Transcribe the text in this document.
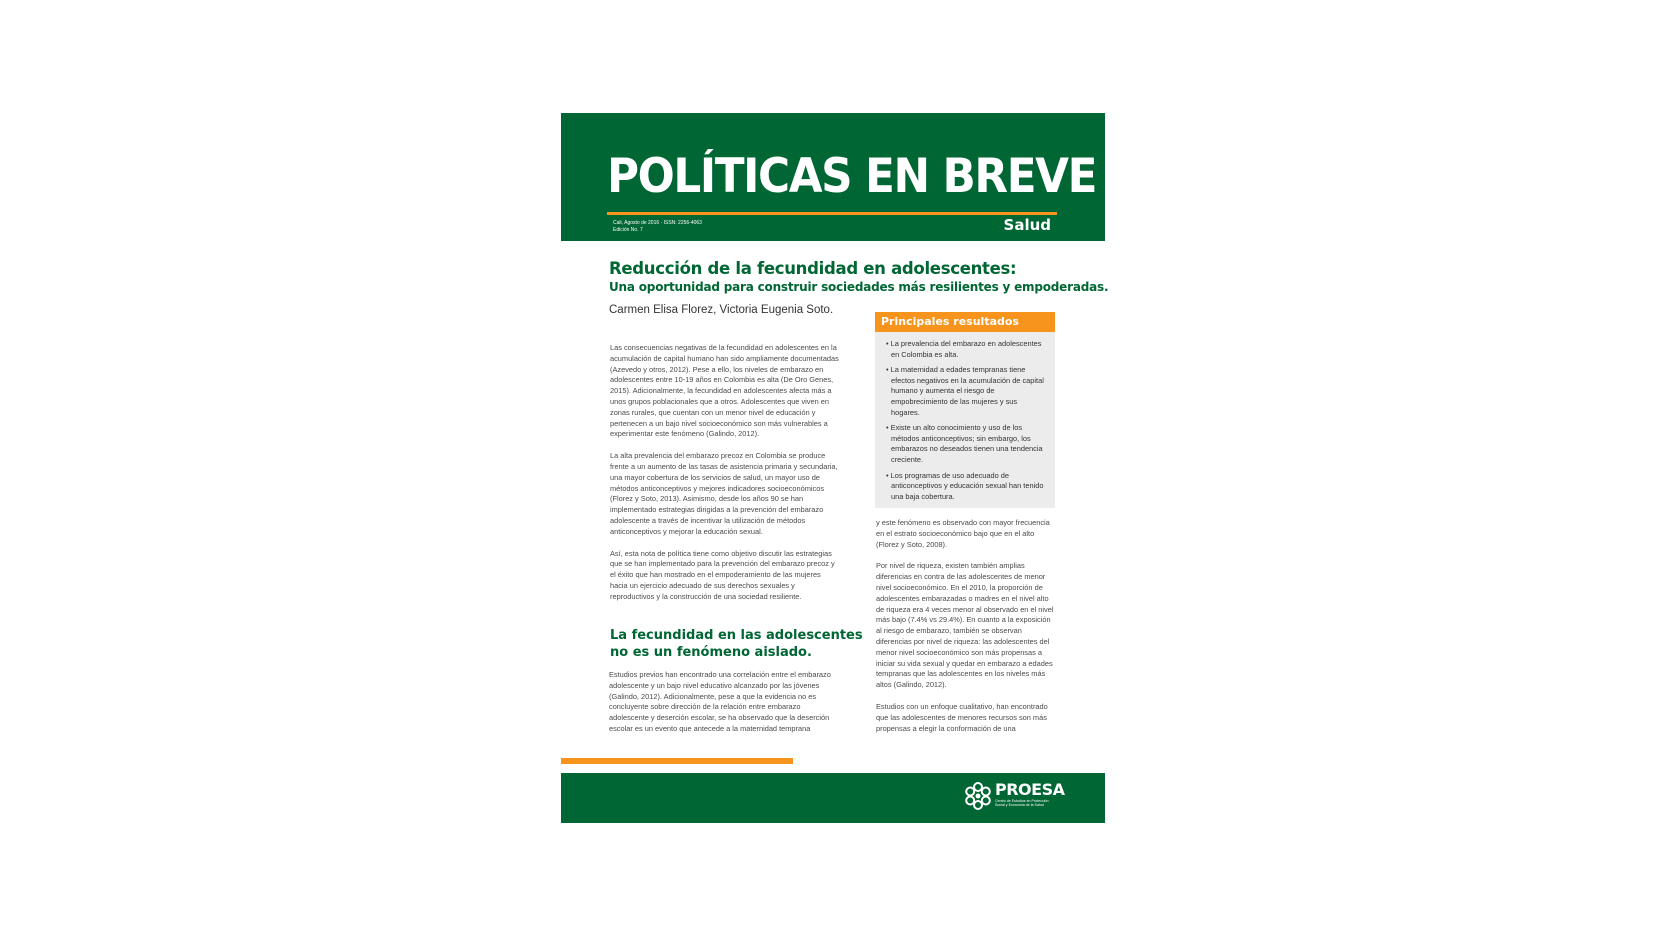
POLÍTICAS EN BREVE
Cali, Agosto de 2016 · ISSN: 2256-4063
Edición No. 7	Salud
Reducción de la fecundidad en adolescentes:
Una oportunidad para construir sociedades más resilientes y empoderadas.
Carmen Elisa Florez, Victoria Eugenia Soto.

Las consecuencias negativas de la fecundidad en adolescentes en la acumulación de capital humano han sido ampliamente documentadas (Azevedo y otros, 2012). Pese a ello, los niveles de embarazo en adolescentes entre 10-19 años en Colombia es alta (De Oro Genes, 2015). Adicionalmente, la fecundidad en adolescentes afecta más a unos grupos poblacionales que a otros. Adolescentes que viven en zonas rurales, que cuentan con un menor nivel de educación y pertenecen a un bajo nivel socioeconómico son más vulnerables a experimentar este fenómeno (Galindo, 2012).

La alta prevalencia del embarazo precoz en Colombia se produce frente a un aumento de las tasas de asistencia primaria y secundaria, una mayor cobertura de los servicios de salud, un mayor uso de métodos anticonceptivos y mejores indicadores socioeconómicos (Florez y Soto, 2013). Asimismo, desde los años 90 se han implementado estrategias dirigidas a la prevención del embarazo adolescente a través de incentivar la utilización de métodos anticonceptivos y mejorar la educación sexual.

Así, esta nota de política tiene como objetivo discutir las estrategias que se han implementado para la prevención del embarazo precoz y el éxito que han mostrado en el empoderamiento de las mujeres hacia un ejercicio adecuado de sus derechos sexuales y reproductivos y la construcción de una sociedad resiliente.

La fecundidad en las adolescentes
no es un fenómeno aislado.

Estudios previos han encontrado una correlación entre el embarazo adolescente y un bajo nivel educativo alcanzado por las jóvenes (Galindo, 2012). Adicionalmente, pese a que la evidencia no es concluyente sobre dirección de la relación entre embarazo adolescente y deserción escolar, se ha observado que la deserción escolar es un evento que antecede a la maternidad temprana

Principales resultados
• La prevalencia del embarazo en adolescentes en Colombia es alta.
• La maternidad a edades tempranas tiene efectos negativos en la acumulación de capital humano y aumenta el riesgo de empobrecimiento de las mujeres y sus hogares.
• Existe un alto conocimiento y uso de los métodos anticonceptivos; sin embargo, los embarazos no deseados tienen una tendencia creciente.
• Los programas de uso adecuado de anticonceptivos y educación sexual han tenido una baja cobertura.

y este fenómeno es observado con mayor frecuencia en el estrato socioeconómico bajo que en el alto (Florez y Soto, 2008).

Por nivel de riqueza, existen también amplias diferencias en contra de las adolescentes de menor nivel socioeconómico. En el 2010, la proporción de adolescentes embarazadas o madres en el nivel alto de riqueza era 4 veces menor al observado en el nivel más bajo (7.4% vs 29.4%). En cuanto a la exposición al riesgo de embarazo, también se observan diferencias por nivel de riqueza: las adolescentes del menor nivel socioeconómico son más propensas a iniciar su vida sexual y quedar en embarazo a edades tempranas que las adolescentes en los niveles más altos (Galindo, 2012).

Estudios con un enfoque cualitativo, han encontrado que las adolescentes de menores recursos son más propensas a elegir la conformación de una

PROESA
Centro de Estudios en Protección Social y Economía de la Salud
